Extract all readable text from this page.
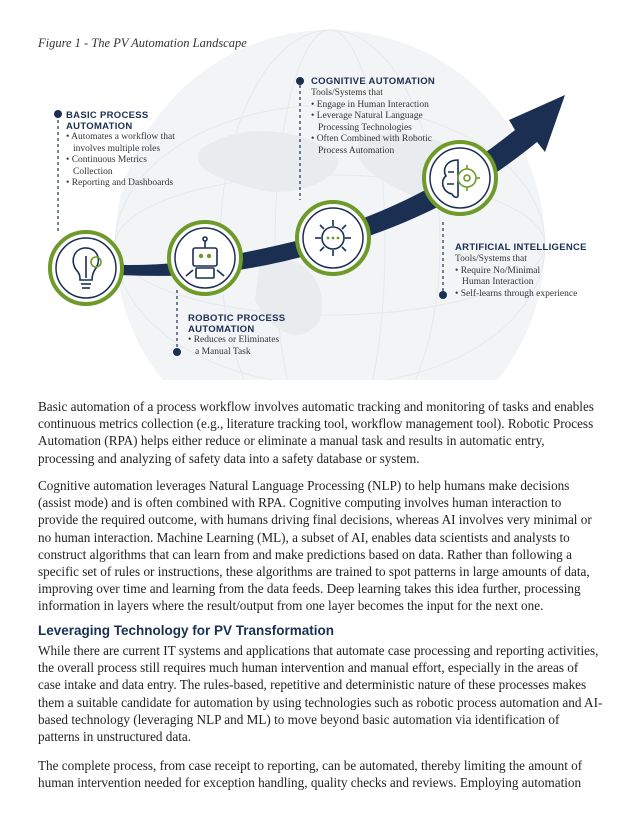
Figure 1 - The PV Automation Landscape
BASIC PROCESS
AUTOMATION
• Automates a workflow that
involves multiple roles
• Continuous Metrics
Collection
• Reporting and Dashboards
ROBOTIC PROCESS
AUTOMATION
• Reduces or Eliminates
a Manual Task
COGNITIVE AUTOMATION
Tools/Systems that
• Engage in Human Interaction
• Leverage Natural Language
Processing Technologies
• Often Combined with Robotic
Process Automation
ARTIFICIAL INTELLIGENCE
Tools/Systems that
• Require No/Minimal
Human Interaction
• Self-learns through experience

Basic automation of a process workflow involves automatic tracking and monitoring of tasks and enables continuous metrics collection (e.g., literature tracking tool, workflow management tool). Robotic Process Automation (RPA) helps either reduce or eliminate a manual task and results in automatic entry, processing and analyzing of safety data into a safety database or system.

Cognitive automation leverages Natural Language Processing (NLP) to help humans make decisions (assist mode) and is often combined with RPA. Cognitive computing involves human interaction to provide the required outcome, with humans driving final decisions, whereas AI involves very minimal or no human interaction. Machine Learning (ML), a subset of AI, enables data scientists and analysts to construct algorithms that can learn from and make predictions based on data. Rather than following a specific set of rules or instructions, these algorithms are trained to spot patterns in large amounts of data, improving over time and learning from the data feeds. Deep learning takes this idea further, processing information in layers where the result/output from one layer becomes the input for the next one.

Leveraging Technology for PV Transformation

While there are current IT systems and applications that automate case processing and reporting activities, the overall process still requires much human intervention and manual effort, especially in the areas of case intake and data entry. The rules-based, repetitive and deterministic nature of these processes makes them a suitable candidate for automation by using technologies such as robotic process automation and AI-based technology (leveraging NLP and ML) to move beyond basic automation via identification of patterns in unstructured data.

The complete process, from case receipt to reporting, can be automated, thereby limiting the amount of human intervention needed for exception handling, quality checks and reviews. Employing automation
